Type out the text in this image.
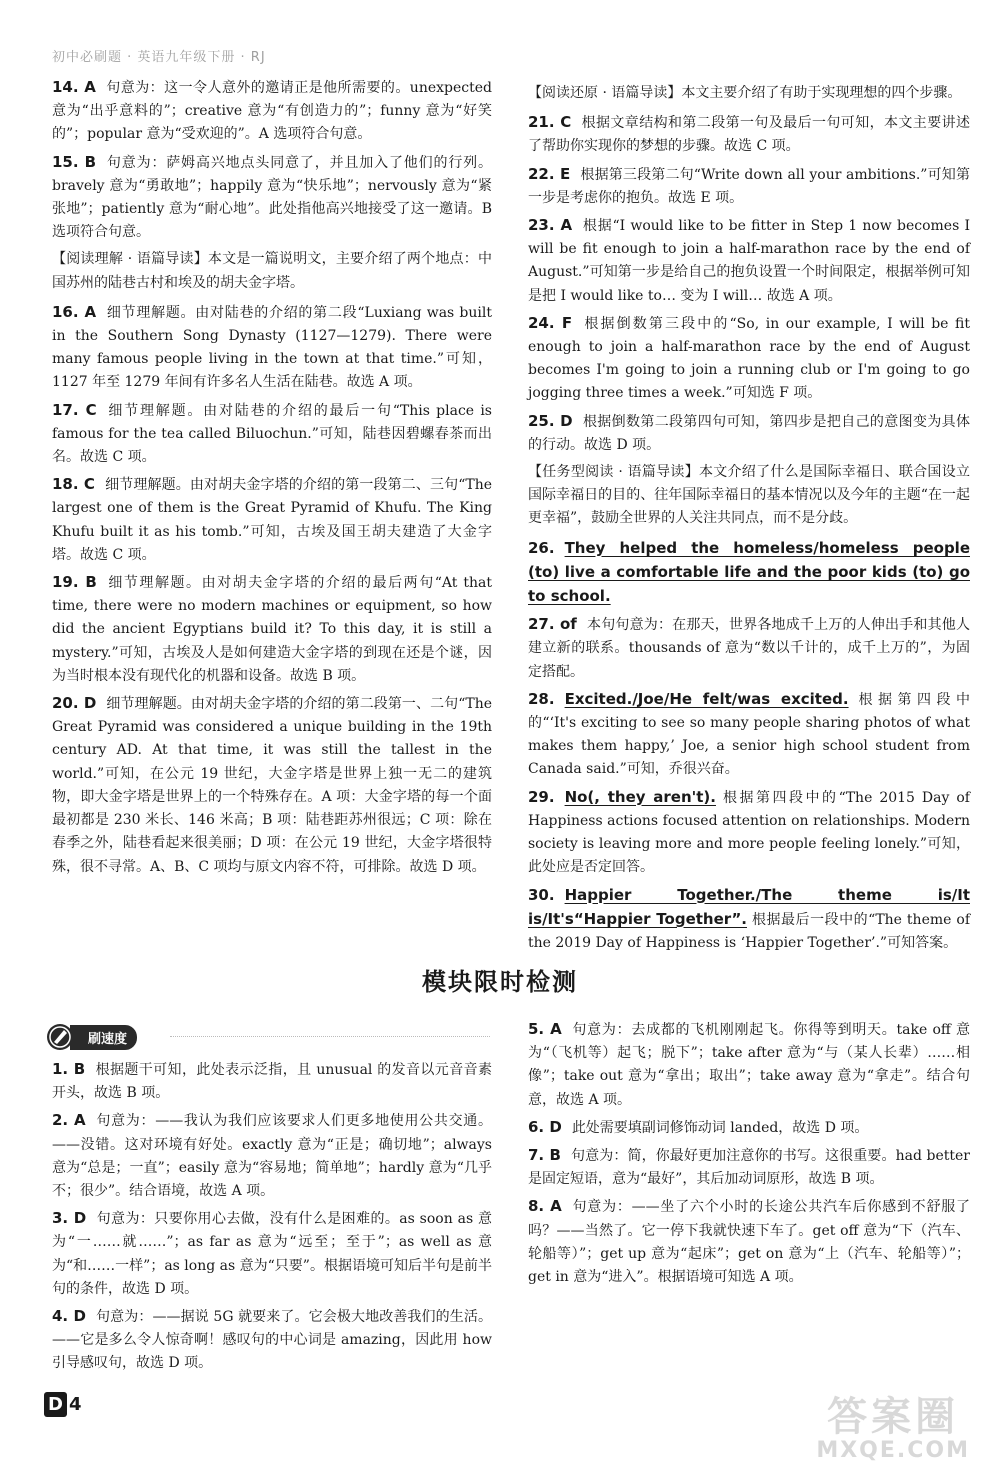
初中必刷题 · 英语九年级下册 · RJ
14. A 句意为：这一令人意外的邀请正是他所需要的。unexpected 意为“出乎意料的”；creative 意为“有创造力的”；funny 意为“好笑的”；popular 意为“受欢迎的”。A 选项符合句意。
15. B 句意为：萨姆高兴地点头同意了，并且加入了他们的行列。bravely 意为“勇敢地”；happily 意为“快乐地”；nervously 意为“紧张地”；patiently 意为“耐心地”。此处指他高兴地接受了这一邀请。B 选项符合句意。
【阅读理解 · 语篇导读】本文是一篇说明文，主要介绍了两个地点：中国苏州的陆巷古村和埃及的胡夫金字塔。
16. A 细节理解题。由对陆巷的介绍的第二段“Luxiang was built in the Southern Song Dynasty (1127—1279). There were many famous people living in the town at that time.”可知，1127 年至 1279 年间有许多名人生活在陆巷。故选 A 项。
17. C 细节理解题。由对陆巷的介绍的最后一句“This place is famous for the tea called Biluochun.”可知，陆巷因碧螺春茶而出名。故选 C 项。
18. C 细节理解题。由对胡夫金字塔的介绍的第一段第二、三句“The largest one of them is the Great Pyramid of Khufu. The King Khufu built it as his tomb.”可知，古埃及国王胡夫建造了大金字塔。故选 C 项。
19. B 细节理解题。由对胡夫金字塔的介绍的最后两句“At that time, there were no modern machines or equipment, so how did the ancient Egyptians build it? To this day, it is still a mystery.”可知，古埃及人是如何建造大金字塔的到现在还是个谜，因为当时根本没有现代化的机器和设备。故选 B 项。
20. D 细节理解题。由对胡夫金字塔的介绍的第二段第一、二句“The Great Pyramid was considered a unique building in the 19th century AD. At that time, it was still the tallest in the world.”可知，在公元 19 世纪，大金字塔是世界上独一无二的建筑物，即大金字塔是世界上的一个特殊存在。A 项：大金字塔的每一个面最初都是 230 米长、146 米高；B 项：陆巷距苏州很远；C 项：除在春季之外，陆巷看起来很美丽；D 项：在公元 19 世纪，大金字塔很特殊，很不寻常。A、B、C 项均与原文内容不符，可排除。故选 D 项。
【阅读还原 · 语篇导读】本文主要介绍了有助于实现理想的四个步骤。
21. C 根据文章结构和第二段第一句及最后一句可知，本文主要讲述了帮助你实现你的梦想的步骤。故选 C 项。
22. E 根据第三段第二句“Write down all your ambitions.”可知第一步是考虑你的抱负。故选 E 项。
23. A 根据“I would like to be fitter in Step 1 now becomes I will be fit enough to join a half-marathon race by the end of August.”可知第一步是给自己的抱负设置一个时间限定，根据举例可知是把 I would like to… 变为 I will… 故选 A 项。
24. F 根据倒数第三段中的“So, in our example, I will be fit enough to join a half-marathon race by the end of August becomes I'm going to join a running club or I'm going to go jogging three times a week.”可知选 F 项。
25. D 根据倒数第二段第四句可知，第四步是把自己的意图变为具体的行动。故选 D 项。
【任务型阅读 · 语篇导读】本文介绍了什么是国际幸福日、联合国设立国际幸福日的目的、往年国际幸福日的基本情况以及今年的主题“在一起更幸福”，鼓励全世界的人关注共同点，而不是分歧。
26. They helped the homeless/homeless people (to) live a comfortable life and the poor kids (to) go to school.
27. of 本句句意为：在那天，世界各地成千上万的人伸出手和其他人建立新的联系。thousands of 意为“数以千计的，成千上万的”，为固定搭配。
28. Excited./Joe/He felt/was excited. 根据第四段中的“‘It's exciting to see so many people sharing photos of what makes them happy,’ Joe, a senior high school student from Canada said.”可知，乔很兴奋。
29. No(, they aren't). 根据第四段中的“The 2015 Day of Happiness actions focused attention on relationships. Modern society is leaving more and more people feeling lonely.”可知，此处应是否定回答。
30. Happier Together./The theme is/It is/It's“Happier Together”. 根据最后一段中的“The theme of the 2019 Day of Happiness is ‘Happier Together’.”可知答案。
模块限时检测
刷速度
1. B 根据题干可知，此处表示泛指，且 unusual 的发音以元音音素开头，故选 B 项。
2. A 句意为：——我认为我们应该要求人们更多地使用公共交通。——没错。这对环境有好处。exactly 意为“正是；确切地”；always 意为“总是；一直”；easily 意为“容易地；简单地”；hardly 意为“几乎不；很少”。结合语境，故选 A 项。
3. D 句意为：只要你用心去做，没有什么是困难的。as soon as 意为“一……就……”；as far as 意为“远至；至于”；as well as 意为“和……一样”；as long as 意为“只要”。根据语境可知后半句是前半句的条件，故选 D 项。
4. D 句意为：——据说 5G 就要来了。它会极大地改善我们的生活。——它是多么令人惊奇啊！感叹句的中心词是 amazing，因此用 how 引导感叹句，故选 D 项。
5. A 句意为：去成都的飞机刚刚起飞。你得等到明天。take off 意为“（飞机等）起飞；脱下”；take after 意为“与（某人长辈）……相像”；take out 意为“拿出；取出”；take away 意为“拿走”。结合句意，故选 A 项。
6. D 此处需要填副词修饰动词 landed，故选 D 项。
7. B 句意为：简，你最好更加注意你的书写。这很重要。had better 是固定短语，意为“最好”，其后加动词原形，故选 B 项。
8. A 句意为：——坐了六个小时的长途公共汽车后你感到不舒服了吗？——当然了。它一停下我就快速下车了。get off 意为“下（汽车、轮船等）”；get up 意为“起床”；get on 意为“上（汽车、轮船等）”；get in 意为“进入”。根据语境可知选 A 项。
D 4	答案圈
MXQE.COM
